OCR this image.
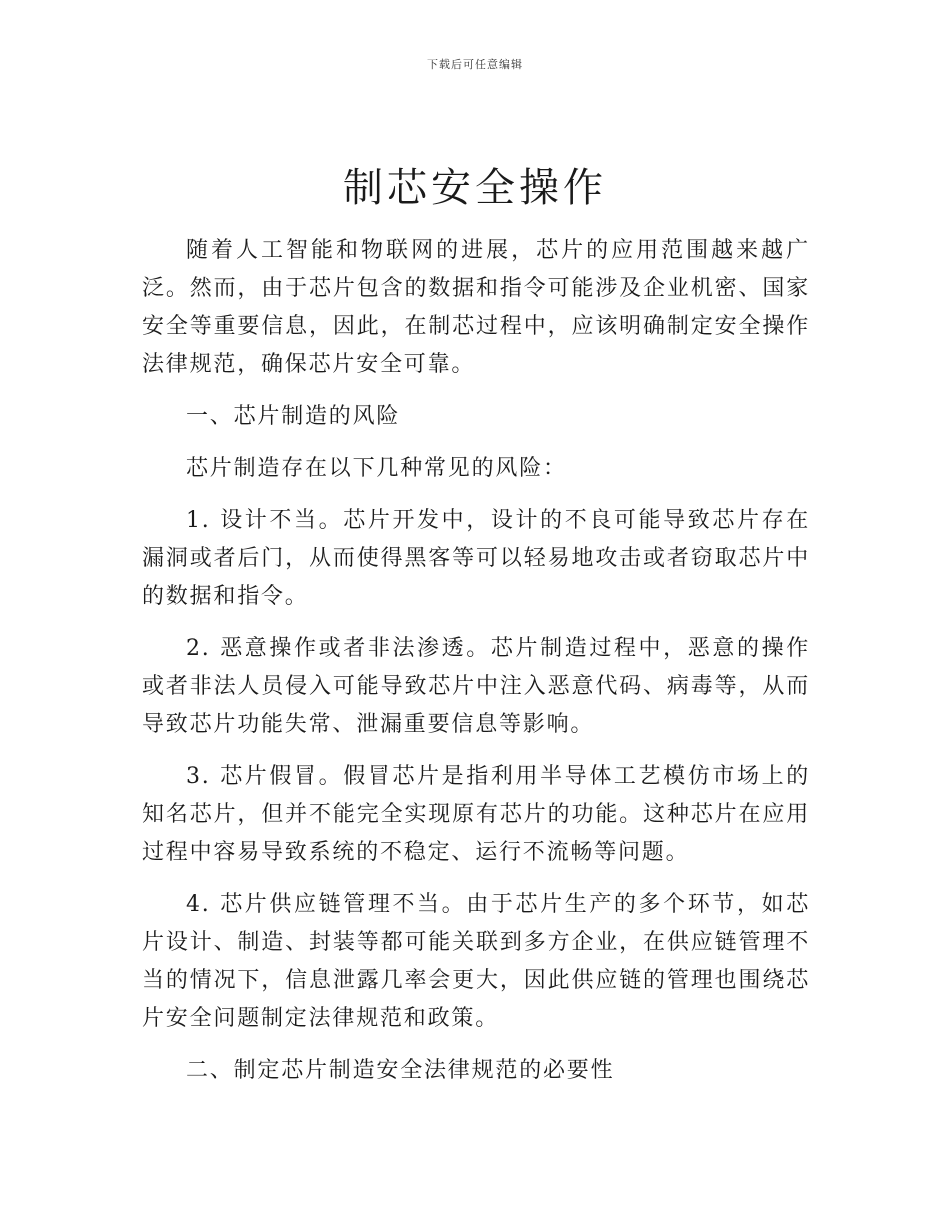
下载后可任意编辑
制芯安全操作

随着人工智能和物联网的进展，芯片的应用范围越来越广泛。然而，由于芯片包含的数据和指令可能涉及企业机密、国家安全等重要信息，因此，在制芯过程中，应该明确制定安全操作法律规范，确保芯片安全可靠。

一、芯片制造的风险

芯片制造存在以下几种常见的风险：

1. 设计不当。芯片开发中，设计的不良可能导致芯片存在漏洞或者后门，从而使得黑客等可以轻易地攻击或者窃取芯片中的数据和指令。

2. 恶意操作或者非法渗透。芯片制造过程中，恶意的操作或者非法人员侵入可能导致芯片中注入恶意代码、病毒等，从而导致芯片功能失常、泄漏重要信息等影响。

3. 芯片假冒。假冒芯片是指利用半导体工艺模仿市场上的知名芯片，但并不能完全实现原有芯片的功能。这种芯片在应用过程中容易导致系统的不稳定、运行不流畅等问题。

4. 芯片供应链管理不当。由于芯片生产的多个环节，如芯片设计、制造、封装等都可能关联到多方企业，在供应链管理不当的情况下，信息泄露几率会更大，因此供应链的管理也围绕芯片安全问题制定法律规范和政策。

二、制定芯片制造安全法律规范的必要性
